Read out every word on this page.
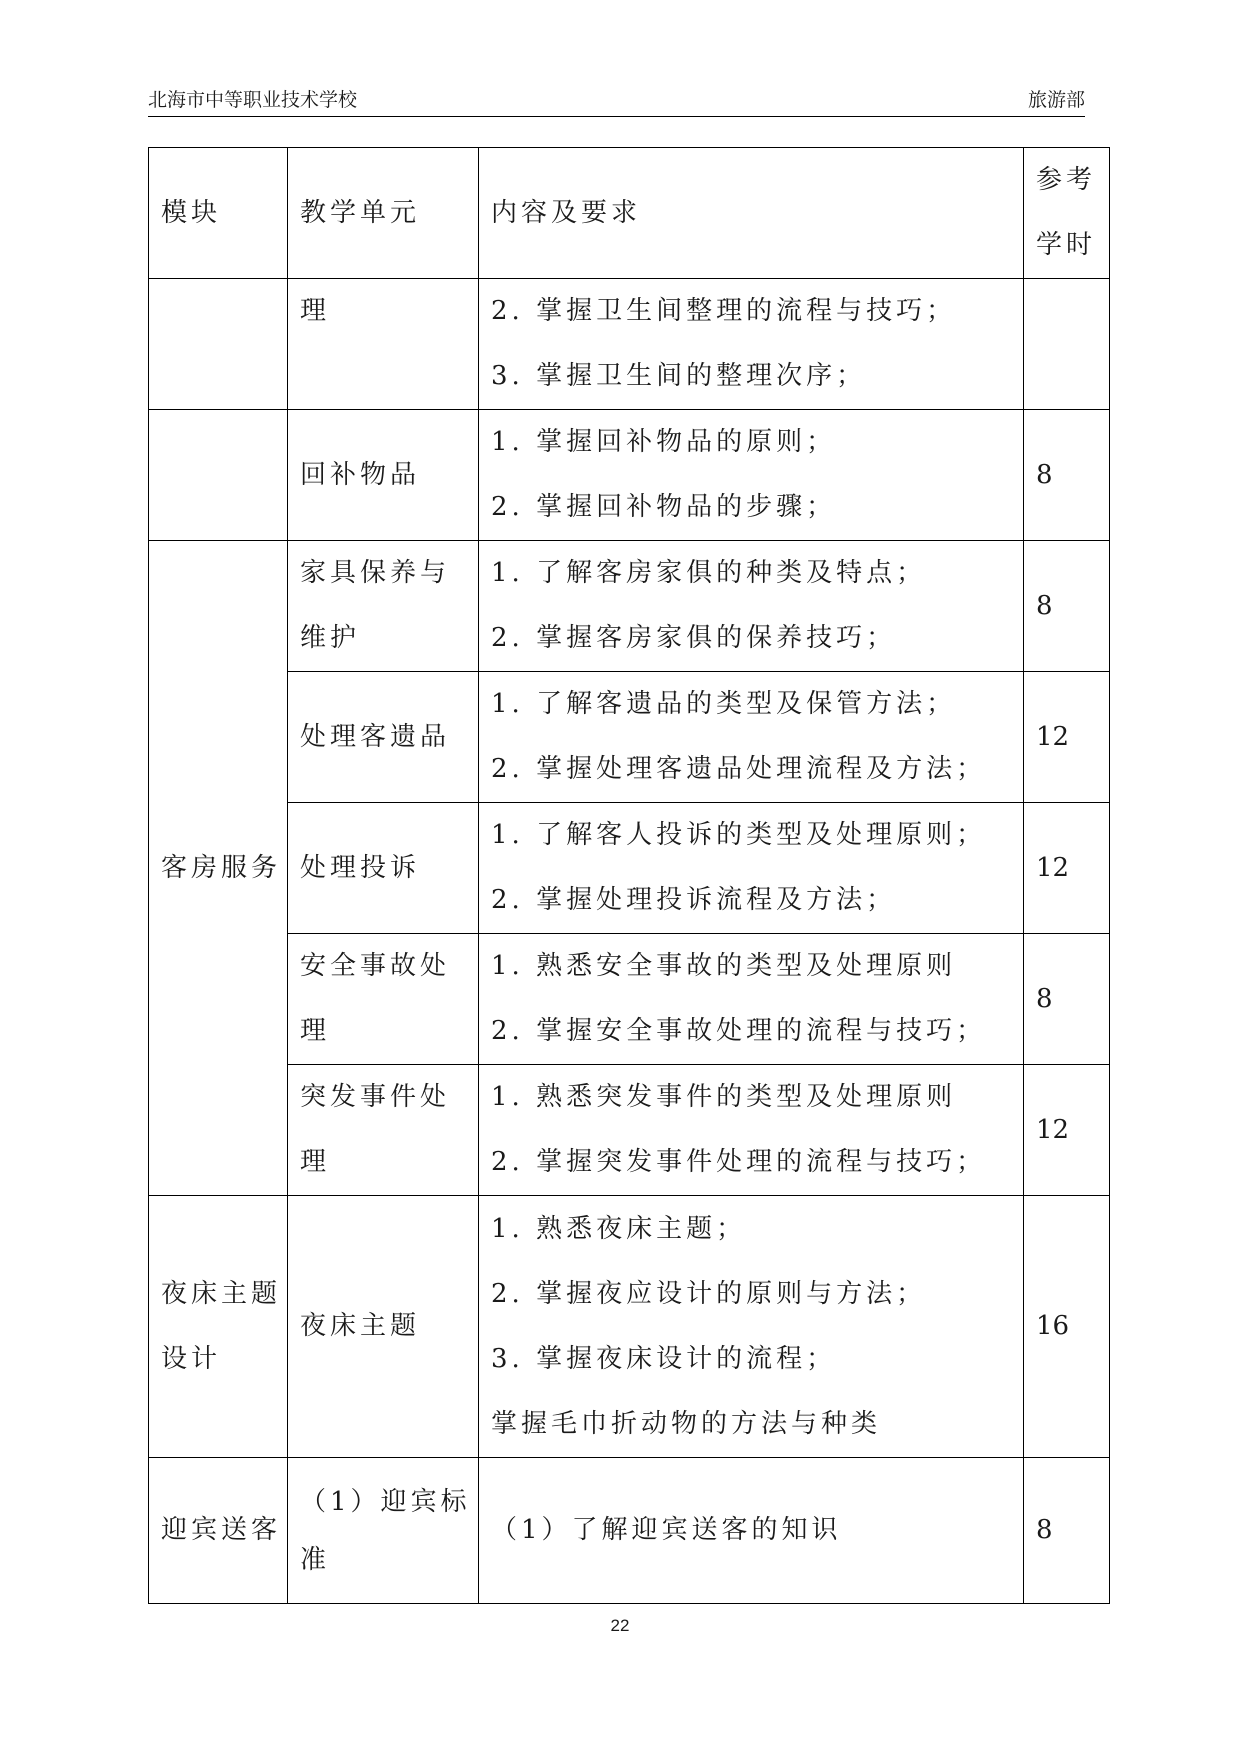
北海市中等职业技术学校	旅游部
模块	教学单元	内容及要求	参考
学时

	理	2. 掌握卫生间整理的流程与技巧；
3. 掌握卫生间的整理次序；	

	回补物品	1. 掌握回补物品的原则；
2. 掌握回补物品的步骤；	8
客房服务	家具保养与
维护	1. 了解客房家俱的种类及特点；
2. 掌握客房家俱的保养技巧；	8

	处理客遗品	1. 了解客遗品的类型及保管方法；
2. 掌握处理客遗品处理流程及方法；	12

	处理投诉	1. 了解客人投诉的类型及处理原则；
2. 掌握处理投诉流程及方法；	12

	安全事故处
理	1. 熟悉安全事故的类型及处理原则
2. 掌握安全事故处理的流程与技巧；	8

	突发事件处
理	1. 熟悉突发事件的类型及处理原则
2. 掌握突发事件处理的流程与技巧；	12

夜床主题
设计	夜床主题	1. 熟悉夜床主题；
2. 掌握夜应设计的原则与方法；
3. 掌握夜床设计的流程；
掌握毛巾折动物的方法与种类	16
迎宾送客	（1）迎宾标
准	（1）了解迎宾送客的知识	8
22
